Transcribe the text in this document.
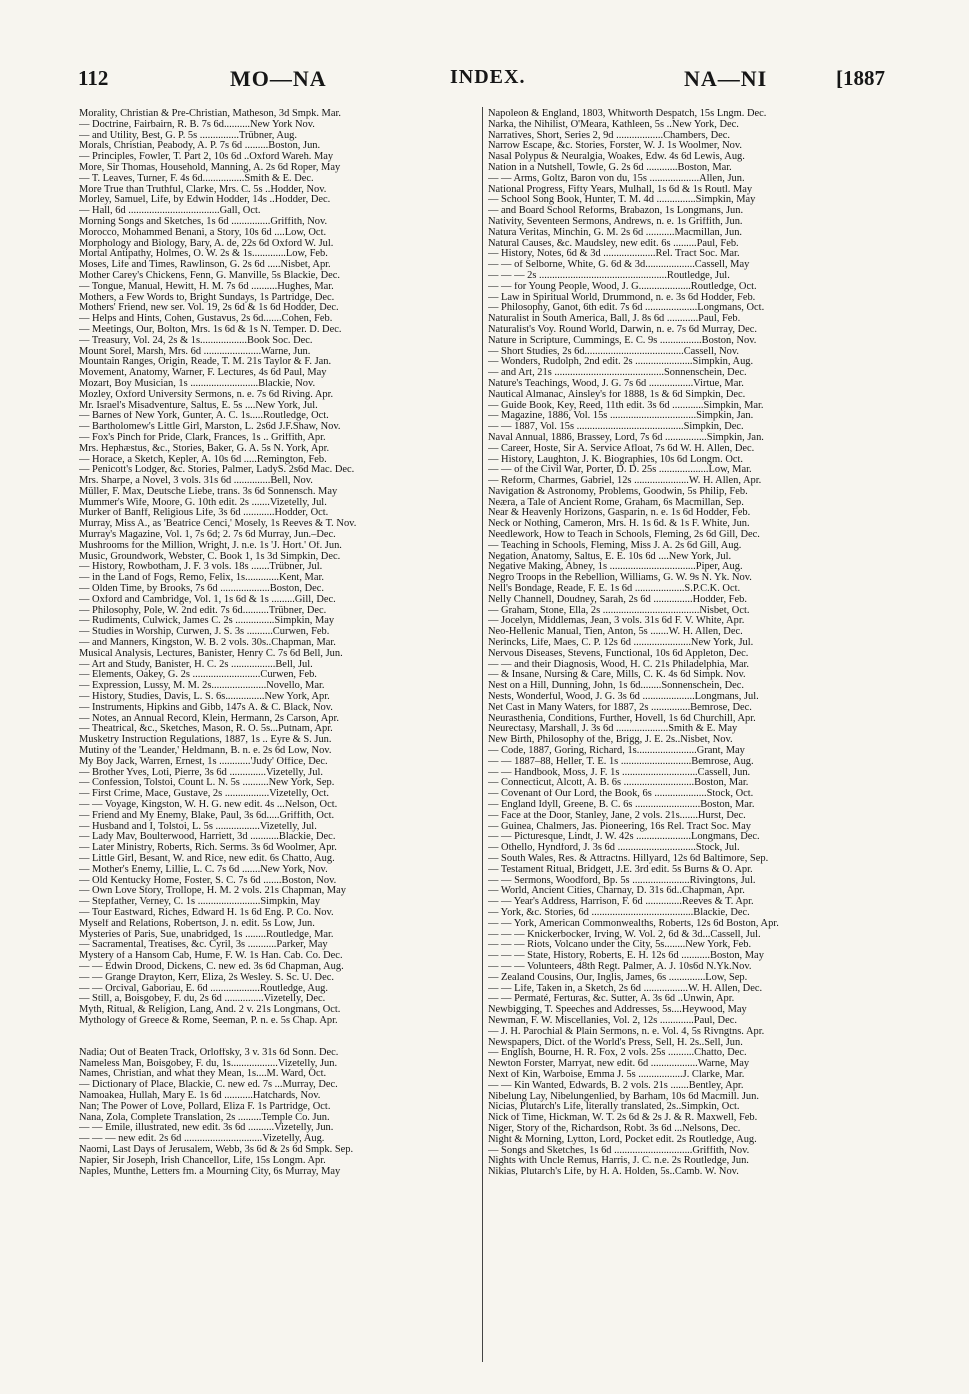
112	MO—NA	INDEX.	NA—NI	[1887
Morality, Christian & Pre-Christian, Matheson, 3d Smpk. Mar.
— Doctrine, Fairbairn, R. B. 7s 6d..........New York Nov.
— and Utility, Best, G. P. 5s ...............Trübner, Aug.
Morals, Christian, Peabody, A. P. 7s 6d .........Boston, Jun.
— Principles, Fowler, T. Part 2, 10s 6d ..Oxford Wareh. May
More, Sir Thomas, Household, Manning, A. 2s 6d Roper, May
— T. Leaves, Turner, F. 4s 6d................Smith & E. Dec.
More True than Truthful, Clarke, Mrs. C. 5s ..Hodder, Nov.
Morley, Samuel, Life, by Edwin Hodder, 14s ..Hodder, Dec.
— Hall, 6d ...................................Gall, Oct.
Morning Songs and Sketches, 1s 6d ...............Griffith, Nov.
Morocco, Mohammed Benani, a Story, 10s 6d ....Low, Oct.
Morphology and Biology, Bary, A. de, 22s 6d Oxford W. Jul.
Mortal Antipathy, Holmes, O. W. 2s & 1s.............Low, Feb.
Moses, Life and Times, Rawlinson, G. 2s 6d .....Nisbet, Apr.
Mother Carey's Chickens, Fenn, G. Manville, 5s Blackie, Dec.
— Tongue, Manual, Hewitt, H. M. 7s 6d ..........Hughes, Mar.
Mothers, a Few Words to, Bright Sundays, 1s Partridge, Dec.
Mothers' Friend, new ser. Vol. 19, 2s 6d & 1s 6d Hodder, Dec.
— Helps and Hints, Cohen, Gustavus, 2s 6d.......Cohen, Feb.
— Meetings, Our, Bolton, Mrs. 1s 6d & 1s N. Temper. D. Dec.
— Treasury, Vol. 24, 2s & 1s..................Book Soc. Dec.
Mount Sorel, Marsh, Mrs. 6d ......................Warne, Jun.
Mountain Ranges, Origin, Reade, T. M. 21s Taylor & F. Jan.
Movement, Anatomy, Warner, F. Lectures, 4s 6d Paul, May
Mozart, Boy Musician, 1s ..........................Blackie, Nov.
Mozley, Oxford University Sermons, n. e. 7s 6d Riving. Apr.
Mr. Israel's Misadventure, Saltus, E. 5s ....New York, Jul.
— Barnes of New York, Gunter, A. C. 1s.....Routledge, Oct.
— Bartholomew's Little Girl, Marston, L. 2s6d J.F.Shaw, Nov.
— Fox's Pinch for Pride, Clark, Frances, 1s .. Griffith, Apr.
Mrs. Hephæstus, &c., Stories, Baker, G. A. 5s N. York, Apr.
— Horace, a Sketch, Kepler, A. 10s 6d .....Remington, Feb.
— Penicott's Lodger, &c. Stories, Palmer, LadyS. 2s6d Mac. Dec.
Mrs. Sharpe, a Novel, 3 vols. 31s 6d ..............Bell, Nov.
Müller, F. Max, Deutsche Liebe, trans. 3s 6d Sonnensch. May
Mummer's Wife, Moore, G. 10th edit. 2s .......Vizetelly, Jul.
Murker of Banff, Religious Life, 3s 6d ............Hodder, Oct.
Murray, Miss A., as 'Beatrice Cenci,' Mosely, 1s Reeves & T. Nov.
Murray's Magazine, Vol. 1, 7s 6d; 2. 7s 6d Murray, Jun.–Dec.
Mushrooms for the Million, Wright, J. n.e. 1s 'J. Hort.' Of. Jun.
Music, Groundwork, Webster, C. Book 1, 1s 3d Simpkin, Dec.
— History, Rowbotham, J. F. 3 vols. 18s .......Trübner, Jul.
— in the Land of Fogs, Remo, Felix, 1s.............Kent, Mar.
— Olden Time, by Brooks, 7s 6d ...................Boston, Dec.
— Oxford and Cambridge, Vol. 1, 1s 6d & 1s .........Gill, Dec.
— Philosophy, Pole, W. 2nd edit. 7s 6d..........Trübner, Dec.
— Rudiments, Culwick, James C. 2s ...............Simpkin, May
— Studies in Worship, Curwen, J. S. 3s ..........Curwen, Feb.
— and Manners, Kingston, W. B. 2 vols. 30s..Chapman, Mar.
Musical Analysis, Lectures, Banister, Henry C. 7s 6d Bell, Jun.
— Art and Study, Banister, H. C. 2s .................Bell, Jul.
— Elements, Oakey, G. 2s ..........................Curwen, Feb.
— Expression, Lussy, M. M. 2s.....................Novello, Mar.
— History, Studies, Davis, L. S. 6s...............New York, Apr.
— Instruments, Hipkins and Gibb, 147s A. & C. Black, Nov.
— Notes, an Annual Record, Klein, Hermann, 2s Carson, Apr.
— Theatrical, &c., Sketches, Mason, R. O. 5s...Putnam, Apr.
Musketry Instruction Regulations, 1887, 1s .. Eyre & S. Jun.
Mutiny of the 'Leander,' Heldmann, B. n. e. 2s 6d Low, Nov.
My Boy Jack, Warren, Ernest, 1s ............'Judy' Office, Dec.
— Brother Yves, Loti, Pierre, 3s 6d ..............Vizetelly, Jul.
— Confession, Tolstoi, Count L. N. 5s ..........New York, Sep.
— First Crime, Mace, Gustave, 2s .................Vizetelly, Oct.
— — Voyage, Kingston, W. H. G. new edit. 4s ...Nelson, Oct.
— Friend and My Enemy, Blake, Paul, 3s 6d.....Griffith, Oct.
— Husband and I, Tolstoi, L. 5s .................Vizetelly, Jul.
— Lady Mav, Boulterwood, Harriett, 3d ...........Blackie, Dec.
— Later Ministry, Roberts, Rich. Serms. 3s 6d Woolmer, Apr.
— Little Girl, Besant, W. and Rice, new edit. 6s Chatto, Aug.
— Mother's Enemy, Lillie, L. C. 7s 6d .......New York, Nov.
— Old Kentucky Home, Foster, S. C. 7s 6d .......Boston, Nov.
— Own Love Story, Trollope, H. M. 2 vols. 21s Chapman, May
— Stepfather, Verney, C. 1s ........................Simpkin, May
— Tour Eastward, Riches, Edward H. 1s 6d Eng. P. Co. Nov.
Myself and Relations, Robertson, J. n. edit. 5s Low, Jun.
Mysteries of Paris, Sue, unabridged, 1s ........Routledge, Mar.
— Sacramental, Treatises, &c. Cyril, 3s ...........Parker, May
Mystery of a Hansom Cab, Hume, F. W. 1s Han. Cab. Co. Dec.
— — Edwin Drood, Dickens, C. new ed. 3s 6d Chapman, Aug.
— — Grange Drayton, Kerr, Eliza, 2s Wesley. S. Sc. U. Dec.
— — Orcival, Gaboriau, E. 6d ...................Routledge, Aug.
— Still, a, Boisgobey, F. du, 2s 6d ...............Vizetelly, Dec.
Myth, Ritual, & Religion, Lang, And. 2 v. 21s Longmans, Oct.
Mythology of Greece & Rome, Seeman, P. n. e. 5s Chap. Apr.
Nadia; Out of Beaten Track, Orloffsky, 3 v. 31s 6d Sonn. Dec.
Nameless Man, Boisgobey, F. du, 1s..................Vizetelly, Jun.
Names, Christian, and what they Mean, 1s....M. Ward, Oct.
— Dictionary of Place, Blackie, C. new ed. 7s ...Murray, Dec.
Namoakea, Hullah, Mary E. 1s 6d ...........Hatchards, Nov.
Nan; The Power of Love, Pollard, Eliza F. 1s Partridge, Oct.
Nana, Zola, Complete Translation, 2s .........Temple Co. Jun.
— — Emile, illustrated, new edit. 3s 6d ..........Vizetelly, Jun.
— — — new edit. 2s 6d ..............................Vizetelly, Aug.
Naomi, Last Days of Jerusalem, Webb, 3s 6d & 2s 6d Smpk. Sep.
Napier, Sir Joseph, Irish Chancellor, Life, 15s Longm. Apr.
Naples, Munthe, Letters fm. a Mourning City, 6s Murray, May
Napoleon & England, 1803, Whitworth Despatch, 15s Lngm. Dec.
Narka, the Nihilist, O'Meara, Kathleen, 5s ..New York, Dec.
Narratives, Short, Series 2, 9d ..................Chambers, Dec.
Narrow Escape, &c. Stories, Forster, W. J. 1s Woolmer, Nov.
Nasal Polypus & Neuralgia, Woakes, Edw. 4s 6d Lewis, Aug.
Nation in a Nutshell, Towle, G. 2s 6d ............Boston, Mar.
— — Arms, Goltz, Baron von du, 15s ...................Allen, Jun.
National Progress, Fifty Years, Mulhall, 1s 6d & 1s Routl. May
— School Song Book, Hunter, T. M. 4d ...............Simpkin, May
— and Board School Reforms, Brabazon, 1s Longmans, Jun.
Nativity, Seventeen Sermons, Andrews, n. e. 1s Griffith, Jun.
Natura Veritas, Minchin, G. M. 2s 6d ...........Macmillan, Jun.
Natural Causes, &c. Maudsley, new edit. 6s .........Paul, Feb.
— History, Notes, 6d & 3d ....................Rel. Tract Soc. Mar.
— — of Selborne, White, G. 6d & 3d...................Cassell, May
— — — 2s .................................................Routledge, Jul.
— — for Young People, Wood, J. G....................Routledge, Oct.
— Law in Spiritual World, Drummond, n. e. 3s 6d Hodder, Feb.
— Philosophy, Ganot, 6th edit. 7s 6d ....................Longmans, Oct.
Naturalist in South America, Ball, J. 8s 6d ............Paul, Feb.
Naturalist's Voy. Round World, Darwin, n. e. 7s 6d Murray, Dec.
Nature in Scripture, Cummings, E. C. 9s ................Boston, Nov.
— Short Studies, 2s 6d......................................Cassell, Nov.
— Wonders, Rudolph, 2nd edit. 2s ......................Simpkin, Aug.
— and Art, 21s ..........................................Sonnenschein, Dec.
Nature's Teachings, Wood, J. G. 7s 6d .................Virtue, Mar.
Nautical Almanac, Ainsley's for 1888, 1s & 6d Simpkin, Dec.
— Guide Book, Key, Reed, 11th edit. 3s 6d ............Simpkin, Mar.
— Magazine, 1886, Vol. 15s .................................Simpkin, Jan.
— — 1887, Vol. 15s .........................................Simpkin, Dec.
Naval Annual, 1886, Brassey, Lord, 7s 6d ................Simpkin, Jan.
— Career, Hoste, Sir A. Service Afloat, 7s 6d W. H. Allen, Dec.
— History, Laughton, J. K. Biographies, 10s 6d Longm. Oct.
— — of the Civil War, Porter, D. D. 25s ...................Low, Mar.
— Reform, Charmes, Gabriel, 12s .....................W. H. Allen, Apr.
Navigation & Astronomy, Problems, Goodwin, 5s Philip, Feb.
Neæra, a Tale of Ancient Rome, Graham, 6s Macmillan, Sep.
Near & Heavenly Horizons, Gasparin, n. e. 1s 6d Hodder, Feb.
Neck or Nothing, Cameron, Mrs. H. 1s 6d. & 1s F. White, Jun.
Needlework, How to Teach in Schools, Fleming, 2s 6d Gill, Dec.
— Teaching in Schools, Fleming, Miss J. A. 2s 6d Gill, Aug.
Negation, Anatomy, Saltus, E. E. 10s 6d ....New York, Jul.
Negative Making, Abney, 1s .................................Piper, Aug.
Negro Troops in the Rebellion, Williams, G. W. 9s N. Yk. Nov.
Nell's Bondage, Reade, F. E. 1s 6d ...................S.P.C.K. Oct.
Nelly Channell, Doudney, Sarah, 2s 6d ...............Hodder, Feb.
— Graham, Stone, Ella, 2s .....................................Nisbet, Oct.
— Jocelyn, Middlemas, Jean, 3 vols. 31s 6d F. V. White, Apr.
Neo-Hellenic Manual, Tien, Anton, 5s .......W. H. Allen, Dec.
Nerincks, Life, Maes, C. P. 12s 6d ......................New York, Jul.
Nervous Diseases, Stevens, Functional, 10s 6d Appleton, Dec.
— — and their Diagnosis, Wood, H. C. 21s Philadelphia, Mar.
— & Insane, Nursing & Care, Mills, C. K. 4s 6d Simpk. Nov.
Nest on a Hill, Dunning, John, 1s 6d........Sonnenschein, Dec.
Nests, Wonderful, Wood, J. G. 3s 6d ....................Longmans, Jul.
Net Cast in Many Waters, for 1887, 2s ...............Bemrose, Dec.
Neurasthenia, Conditions, Further, Hovell, 1s 6d Churchill, Apr.
Neurectasy, Marshall, J. 3s 6d ....................Smith & E. May
New Birth, Philosophy of the, Brigg, J. E. 2s..Nisbet, Nov.
— Code, 1887, Goring, Richard, 1s.......................Grant, May
— — 1887–88, Heller, T. E. 1s ...........................Bemrose, Aug.
— — Handbook, Moss, J. F. 1s .............................Cassell, Jun.
— Connecticut, Alcott, A. B. 6s ...........................Boston, Mar.
— Covenant of Our Lord, the Book, 6s ....................Stock, Oct.
— England Idyll, Greene, B. C. 6s .........................Boston, Mar.
— Face at the Door, Stanley, Jane, 2 vols. 21s.......Hurst, Dec.
— Guinea, Chalmers, Jas. Pioneering, 16s Rel. Tract Soc. May
— — Picturesque, Lindt, J. W. 42s .....................Longmans, Dec.
— Othello, Hyndford, J. 3s 6d ..............................Stock, Jul.
— South Wales, Res. & Attractns. Hillyard, 12s 6d Baltimore, Sep.
— Testament Ritual, Bridgett, J.E. 3rd edit. 5s Burns & O. Apr.
— — Sermons, Woodford, Bp. 5s ......................Rivingtons, Jul.
— World, Ancient Cities, Charnay, D. 31s 6d..Chapman, Apr.
— — Year's Address, Harrison, F. 6d ..............Reeves & T. Apr.
— York, &c. Stories, 6d .......................................Blackie, Dec.
— — York, American Commonwealths, Roberts, 12s 6d Boston, Apr.
— — — Knickerbocker, Irving, W. Vol. 2, 6d & 3d...Cassell, Jul.
— — — Riots, Volcano under the City, 5s........New York, Feb.
— — — State, History, Roberts, E. H. 12s 6d ...........Boston, May
— — — Volunteers, 48th Regt. Palmer, A. J. 10s6d N.Yk.Nov.
— Zealand Cousins, Our, Inglis, James, 6s ..............Low, Sep.
— — Life, Taken in, a Sketch, 2s 6d .................W. H. Allen, Dec.
— — Permaté, Ferturas, &c. Sutter, A. 3s 6d ..Unwin, Apr.
Newbigging, T. Speeches and Addresses, 5s....Heywood, May
Newman, F. W. Miscellanies, Vol. 2, 12s .............Paul, Dec.
— J. H. Parochial & Plain Sermons, n. e. Vol. 4, 5s Rivngtns. Apr.
Newspapers, Dict. of the World's Press, Sell, H. 2s..Sell, Jun.
— English, Bourne, H. R. Fox, 2 vols. 25s ..........Chatto, Dec.
Newton Forster, Marryat, new edit. 6d ..................Warne, May
Next of Kin, Warboise, Emma J. 5s .................J. Clarke, Mar.
— — Kin Wanted, Edwards, B. 2 vols. 21s .......Bentley, Apr.
Nibelung Lay, Nibelungenlied, by Barham, 10s 6d Macmill. Jun.
Nicias, Plutarch's Life, literally translated, 2s..Simpkin, Oct.
Nick of Time, Hickman, W. T. 2s 6d & 2s J. & R. Maxwell, Feb.
Niger, Story of the, Richardson, Robt. 3s 6d ...Nelsons, Dec.
Night & Morning, Lytton, Lord, Pocket edit. 2s Routledge, Aug.
— Songs and Sketches, 1s 6d ..............................Griffith, Nov.
Nights with Uncle Remus, Harris, J. C. n.e. 2s Routledge, Jun.
Nikias, Plutarch's Life, by H. A. Holden, 5s..Camb. W. Nov.
